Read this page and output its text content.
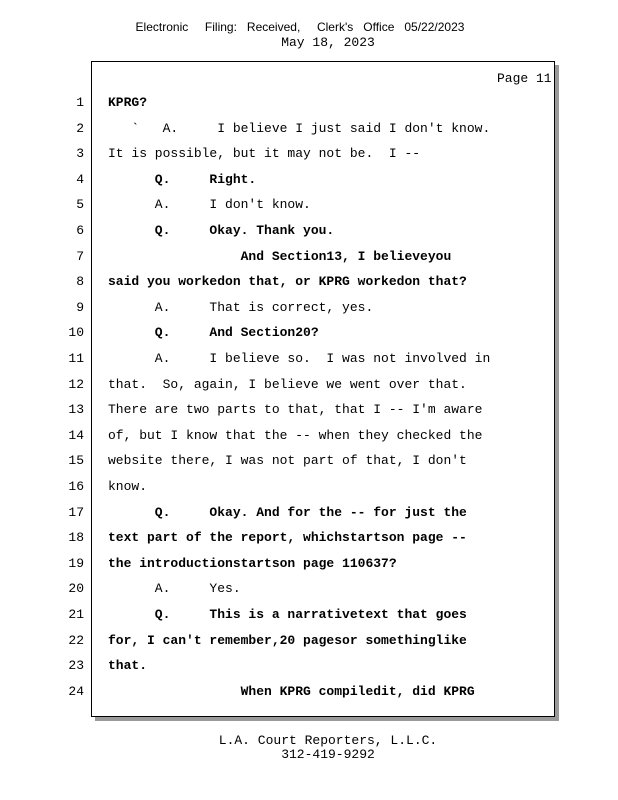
Electronic     Filing:   Received,     Clerk's   Office   05/22/2023
May 18, 2023
Page 11
1 KPRG?
2 `   A.     I believe I just said I don't know.
3 It is possible, but it may not be.  I --
4 Q.     Right.
5 A.     I don't know.
6 Q.     Okay. Thank you.
7 And Section13, I believeyou
8 said you workedon that, or KPRG workedon that?
9 A.     That is correct, yes.
10 Q.     And Section20?
11 A.     I believe so.  I was not involved in
12 that.  So, again, I believe we went over that.
13 There are two parts to that, that I -- I'm aware
14 of, but I know that the -- when they checked the
15 website there, I was not part of that, I don't
16 know.
17 Q.     Okay. And for the -- for just the
18 text part of the report, whichstartson page --
19 the introductionstartson page 110637?
20 A.     Yes.
21 Q.     This is a narrativetext that goes
22 for, I can't remember,20 pagesor somethinglike
23 that.
24 When KPRG compiledit, did KPRG
L.A. Court Reporters, L.L.C.
312-419-9292
